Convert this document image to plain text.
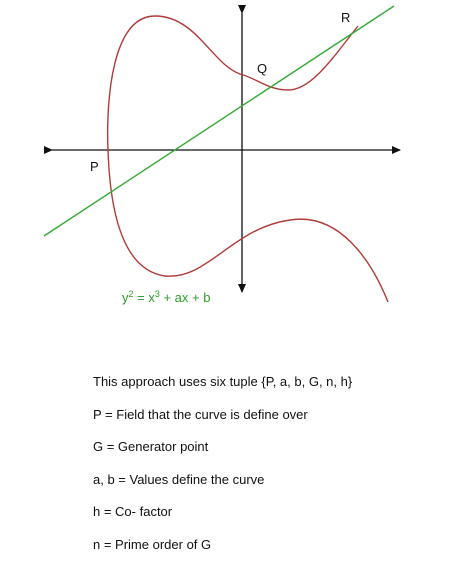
P
Q
R
$y^2 = x^3$ + ax + b
This approach uses six tuple {P, a, b, G, n, h}
P = Field that the curve is define over
G = Generator point
a, b = Values define the curve
h = Co- factor
n = Prime order of G
